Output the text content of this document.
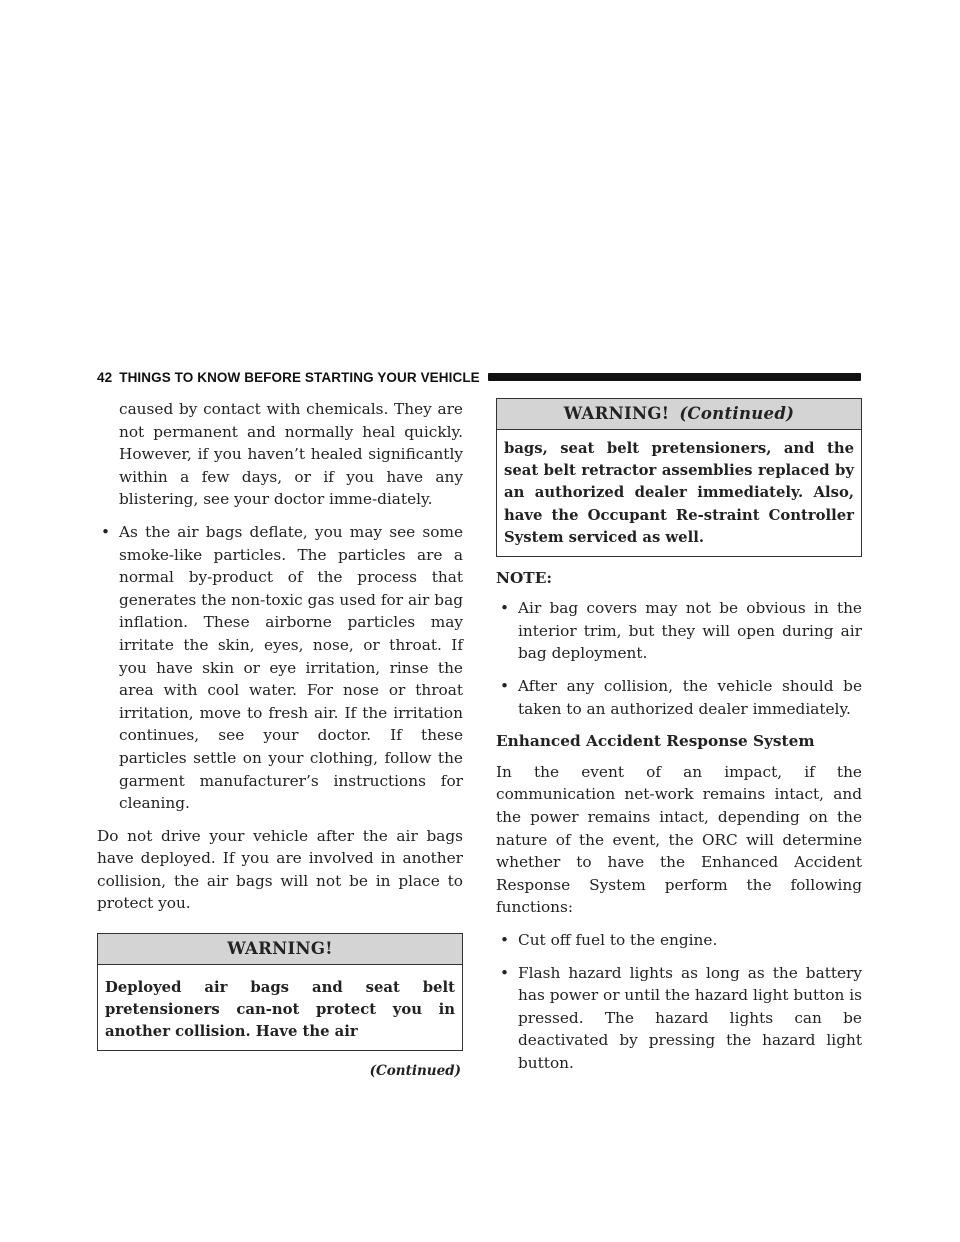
42 THINGS TO KNOW BEFORE STARTING YOUR VEHICLE

caused by contact with chemicals. They are not permanent and normally heal quickly. However, if you haven’t healed significantly within a few days, or if you have any blistering, see your doctor imme-diately.

• As the air bags deflate, you may see some smoke-like particles. The particles are a normal by-product of the process that generates the non-toxic gas used for air bag inflation. These airborne particles may irritate the skin, eyes, nose, or throat. If you have skin or eye irritation, rinse the area with cool water. For nose or throat irritation, move to fresh air. If the irritation continues, see your doctor. If these particles settle on your clothing, follow the garment manufacturer’s instructions for cleaning.

Do not drive your vehicle after the air bags have deployed. If you are involved in another collision, the air bags will not be in place to protect you.

WARNING!
Deployed air bags and seat belt pretensioners can-not protect you in another collision. Have the air
(Continued)
WARNING! (Continued)
bags, seat belt pretensioners, and the seat belt retractor assemblies replaced by an authorized dealer immediately. Also, have the Occupant Re-straint Controller System serviced as well.

NOTE:

• Air bag covers may not be obvious in the interior trim, but they will open during air bag deployment.
• After any collision, the vehicle should be taken to an authorized dealer immediately.

Enhanced Accident Response System

In the event of an impact, if the communication net-work remains intact, and the power remains intact, depending on the nature of the event, the ORC will determine whether to have the Enhanced Accident Response System perform the following functions:

• Cut off fuel to the engine.
• Flash hazard lights as long as the battery has power or until the hazard light button is pressed. The hazard lights can be deactivated by pressing the hazard light button.
